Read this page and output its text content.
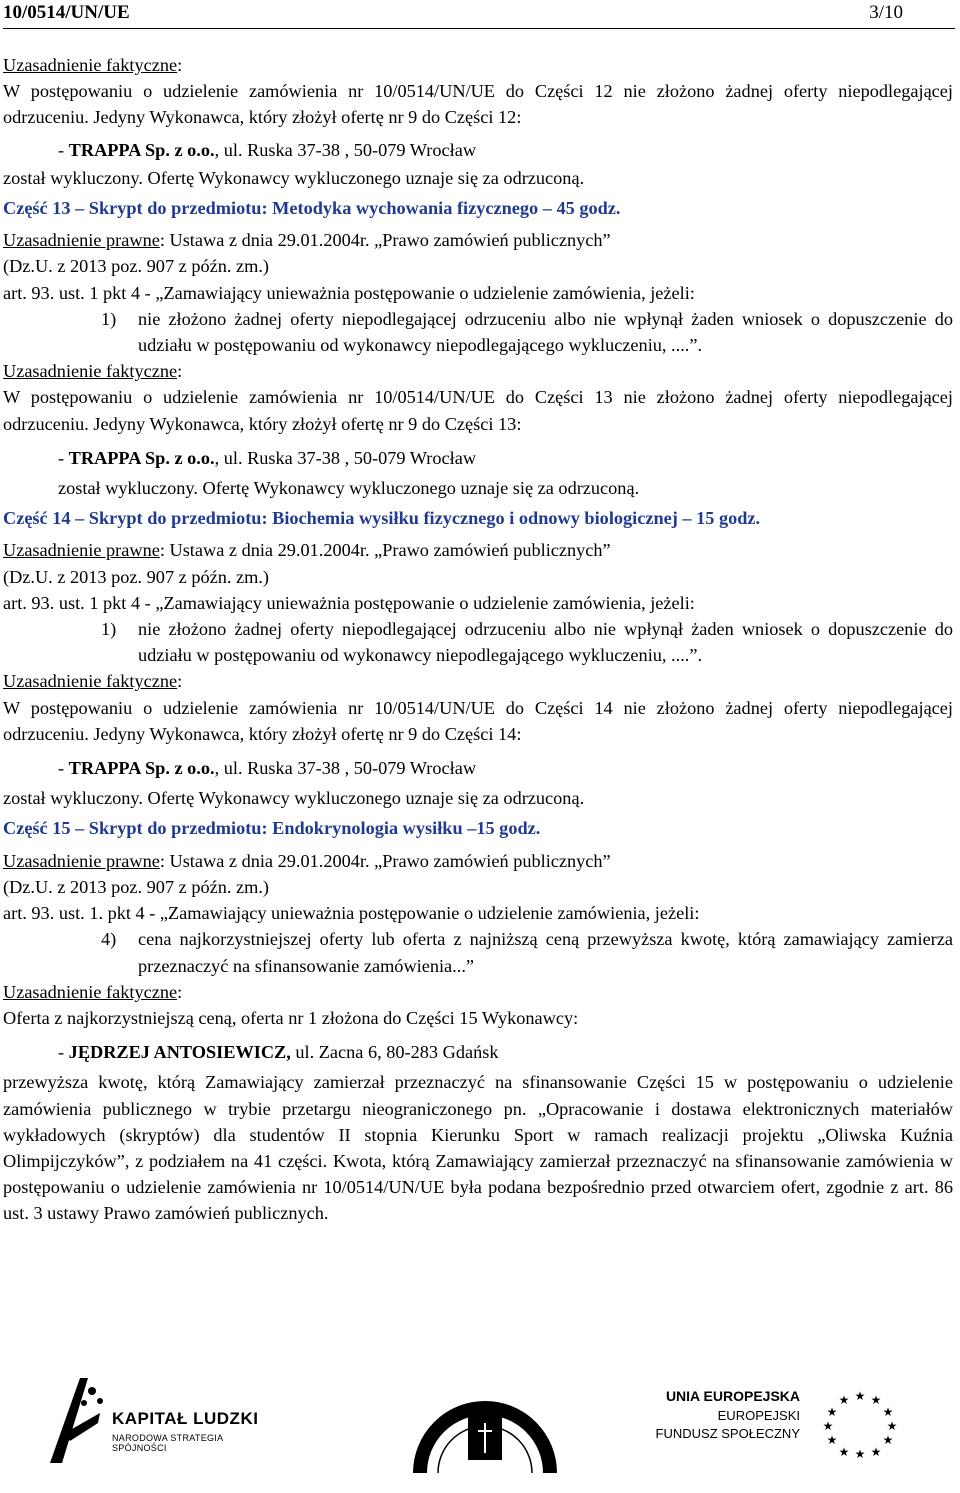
10/0514/UN/UE	3/10

Uzasadnienie faktyczne:

W postępowaniu o udzielenie zamówienia nr 10/0514/UN/UE do Części 12 nie złożono żadnej oferty niepodlegającej odrzuceniu. Jedyny Wykonawca, który złożył ofertę nr 9 do Części 12:

- TRAPPA Sp. z o.o., ul. Ruska 37-38 , 50-079 Wrocław

został wykluczony. Ofertę Wykonawcy wykluczonego uznaje się za odrzuconą.

Część 13 – Skrypt do przedmiotu: Metodyka wychowania fizycznego – 45 godz.

Uzasadnienie prawne: Ustawa z dnia 29.01.2004r. „Prawo zamówień publicznych”

(Dz.U. z 2013 poz. 907 z późn. zm.)

art. 93. ust. 1 pkt 4 - „Zamawiający unieważnia postępowanie o udzielenie zamówienia, jeżeli:

1) nie złożono żadnej oferty niepodlegającej odrzuceniu albo nie wpłynął żaden wniosek o dopuszczenie do udziału w postępowaniu od wykonawcy niepodlegającego wykluczeniu, ....”.

Uzasadnienie faktyczne:

W postępowaniu o udzielenie zamówienia nr 10/0514/UN/UE do Części 13 nie złożono żadnej oferty niepodlegającej odrzuceniu. Jedyny Wykonawca, który złożył ofertę nr 9 do Części 13:

- TRAPPA Sp. z o.o., ul. Ruska 37-38 , 50-079 Wrocław

został wykluczony. Ofertę Wykonawcy wykluczonego uznaje się za odrzuconą.

Część 14 – Skrypt do przedmiotu: Biochemia wysiłku fizycznego i odnowy biologicznej – 15 godz.

Uzasadnienie prawne: Ustawa z dnia 29.01.2004r. „Prawo zamówień publicznych”

(Dz.U. z 2013 poz. 907 z późn. zm.)

art. 93. ust. 1 pkt 4 - „Zamawiający unieważnia postępowanie o udzielenie zamówienia, jeżeli:

1) nie złożono żadnej oferty niepodlegającej odrzuceniu albo nie wpłynął żaden wniosek o dopuszczenie do udziału w postępowaniu od wykonawcy niepodlegającego wykluczeniu, ....”.

Uzasadnienie faktyczne:

W postępowaniu o udzielenie zamówienia nr 10/0514/UN/UE do Części 14 nie złożono żadnej oferty niepodlegającej odrzuceniu. Jedyny Wykonawca, który złożył ofertę nr 9 do Części 14:

- TRAPPA Sp. z o.o., ul. Ruska 37-38 , 50-079 Wrocław

został wykluczony. Ofertę Wykonawcy wykluczonego uznaje się za odrzuconą.

Część 15 – Skrypt do przedmiotu: Endokrynologia wysiłku –15 godz.

Uzasadnienie prawne: Ustawa z dnia 29.01.2004r. „Prawo zamówień publicznych”

(Dz.U. z 2013 poz. 907 z późn. zm.)

art. 93. ust. 1. pkt 4 - „Zamawiający unieważnia postępowanie o udzielenie zamówienia, jeżeli:

4) cena najkorzystniejszej oferty lub oferta z najniższą ceną przewyższa kwotę, którą zamawiający zamierza przeznaczyć na sfinansowanie zamówienia...”

Uzasadnienie faktyczne:

Oferta z najkorzystniejszą ceną, oferta nr 1 złożona do Części 15 Wykonawcy:

- JĘDRZEJ ANTOSIEWICZ, ul. Zacna 6, 80-283 Gdańsk

przewyższa kwotę, którą Zamawiający zamierzał przeznaczyć na sfinansowanie Części 15 w postępowaniu o udzielenie zamówienia publicznego w trybie przetargu nieograniczonego pn. „Opracowanie i dostawa elektronicznych materiałów wykładowych (skryptów) dla studentów II stopnia Kierunku Sport w ramach realizacji projektu „Oliwska Kuźnia Olimpijczyków”, z podziałem na 41 części. Kwota, którą Zamawiający zamierzał przeznaczyć na sfinansowanie zamówienia w postępowaniu o udzielenie zamówienia nr 10/0514/UN/UE była podana bezpośrednio przed otwarciem ofert, zgodnie z art. 86 ust. 3 ustawy Prawo zamówień publicznych.

KAPITAŁ LUDZKI
NARODOWA STRATEGIA SPÓJNOŚCI
UNIA EUROPEJSKA
EUROPEJSKI
FUNDUSZ SPOŁECZNY
★ ★
★
★
★
★
★
★
★
★
★
★
